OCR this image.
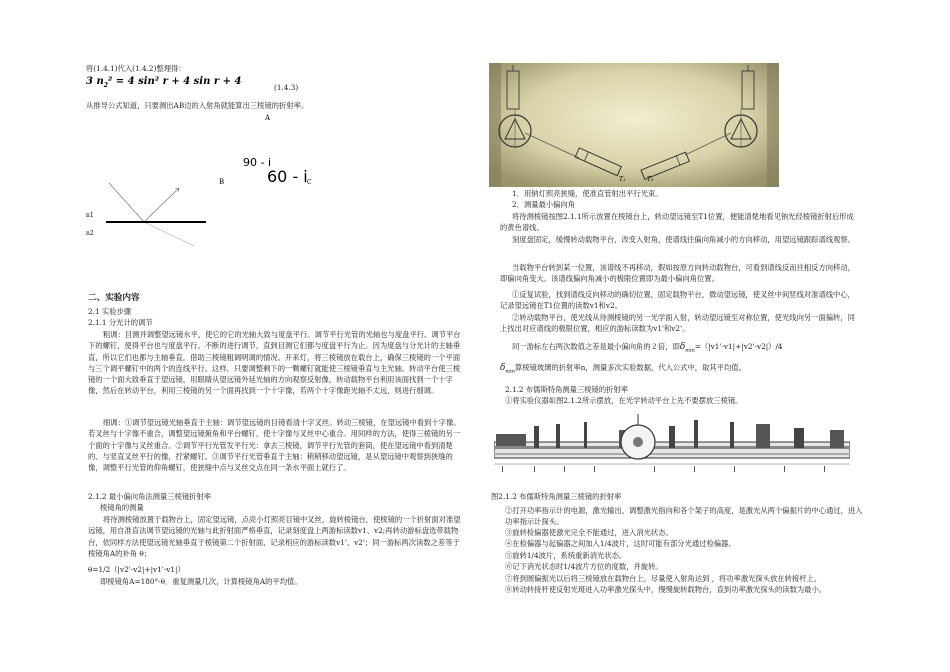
将(1.4.1)代入(1.4.2)整理得：
3 $n_2^2 = 4$ sin² r + 4 sin r + 4
(1.4.3)
从推导公式知道，只要测出AB边的入射角就能算出三棱镜的折射率。
A
B	C
90 - i
60 - i
n1
n2
二、实验内容
2.1 实验步骤
2.1.1 分光计的调节
粗调：目测并调整望远镜水平，使它的它的光轴大致与度盘平行。调节平行光管的光轴也与度盘平行。调节平台下的螺钉，使得平台也与度盘平行。不断的进行调节，直到目测它们都与度盘平行为止。因为度盘与分光计的主轴垂直，所以它们也都与主轴垂直。借助三棱镜粗调明调的情况。开来灯，将三棱镜放在载台上，确保三棱镜的一个平面与三个调平螺钉中的两个的连线平行。这样，只要调整剩下的一颗螺钉就能使三棱镜垂直与主光轴。转动平台使三棱镜的一个面大致垂直于望远镜，用眼睛从望远镜外延光轴的方向观察反射像，转动载物平台利用该面找到一个十字像，然后在转动平台，利用三棱镜的另一个面再找到一个十字像，若两个十字像距光轴不太远，则进行细调。
细调：①调节望远镜光轴垂直于主轴：调节望远镜的目镜看清十字叉丝。转动三棱镜，在望远镜中看到十字像。若叉丝与十字像不重合，调整望远镜俯角和平台螺钉，使十字像与叉丝中心重合。用同样的方法，使得三棱镜的另一个面的十字像与叉丝重合。②调节平行光管发平行光：拿去三棱镜，调节平行光管的套筒，使在望远镜中看到清楚的、与竖直叉丝平行的像，拧紧螺钉。③调节平行光管垂直于主轴：稍稍移动望远镜，是从望远镜中观察到狭缝的像，调整平行光管的仰角螺钉，使狭缝中点与叉丝交点在同一条水平面上就行了。
2.1.2 最小偏向角法测量三棱镜折射率
棱镜角的测量
将待测棱镜放置于载物台上，固定望远镜，点亮小灯照亮目镜中叉丝，旋转棱镜台，使棱镜的一个折射面对准望远镜，用自准直法调节望远镜的光轴与此折射面严格垂直，记录刻度盘上两游标读数v1、v2;再转动游标盘选带载物台，依同样方法使望远镜光轴垂直于棱镜第二个折射面，记录相应的游标读数v1'、v2'；同一游标两次读数之差等于棱镜角A的补角 θ；
θ=1/2（|v2'-v2|+|v1'-v1|）
即棱镜角A=180°-θ．重复测量几次，计算棱镜角A的平均值。
T₁	T₂
1．用钠灯照亮狭缝，使准直管射出平行光束。
2．测量最小偏向角
将待测棱镜按图2.1.1所示放置在棱镜台上，转动望远镜至T1位置，便能清楚地看见钠光经棱镜折射后形成的黄色谱线。
刻度盘固定，缓慢转动载物平台，改变入射角，使谱线往偏向角减小的方向移动，用望远镜跟踪谱线观察。
当载物平台转到某一位置，该谱线不再移动，假如按原方向转动载物台，可看到谱线反而往相反方向移动，即偏向角变大。该谱线偏向角减小的极限位置即为最小偏向角位置。
①反复试验，找到谱线反向移动的确切位置，固定载物平台，微动望远镜，使叉丝中间竖线对准谱线中心，记录望远镜在T1位置的读数v1和v2。
②转动载物平台，使光线从待测棱镜的另一光学面入射，转动望远镜至对称位置，使光线向另一面偏转，同上找出对应谱线的极限位置，相应的游标读数为v1'和v2'。
同一游标左右两次数值之差是最小偏向角的２倍，即$\delta_{min}=(|v1'-v1|+|v2'-v2|)/4$
$\delta_{min}$算棱镜玻璃的折射率n，测量多次实验数据，代入公式中，取其平均值。
2.1.2 布儒斯特角测量三棱镜的折射率
①将实验仪器如图2.1.2所示摆放，在光学转动平台上先不要摆放三棱镜。
图2.1.2 布儒斯特角测量三棱镜的折射率
②打开功率指示计的电源，激光输出，调整激光指向和各个架子的高度，是激光从两个偏振片的中心通过，进入功率指示计探头。
③旋转检偏器使激光完全不能通过，进入消光状态。
④在检偏器与起偏器之间加入1/4波片，这时可能有部分光通过检偏器。
⑤旋转1/4波片，系统重新消光状态。
⑥记下消光状态时1/4波片方位的度数，并旋转。
⑦将到圆偏振光以后将三棱镜放在载物台上，尽量使入射角达到 ，将功率激光探头放在转接杆上。
⑧转动转接杆使反射光斑进入功率激光探头中，慢慢旋转载物台，直到功率激光探头的读数为最小。
